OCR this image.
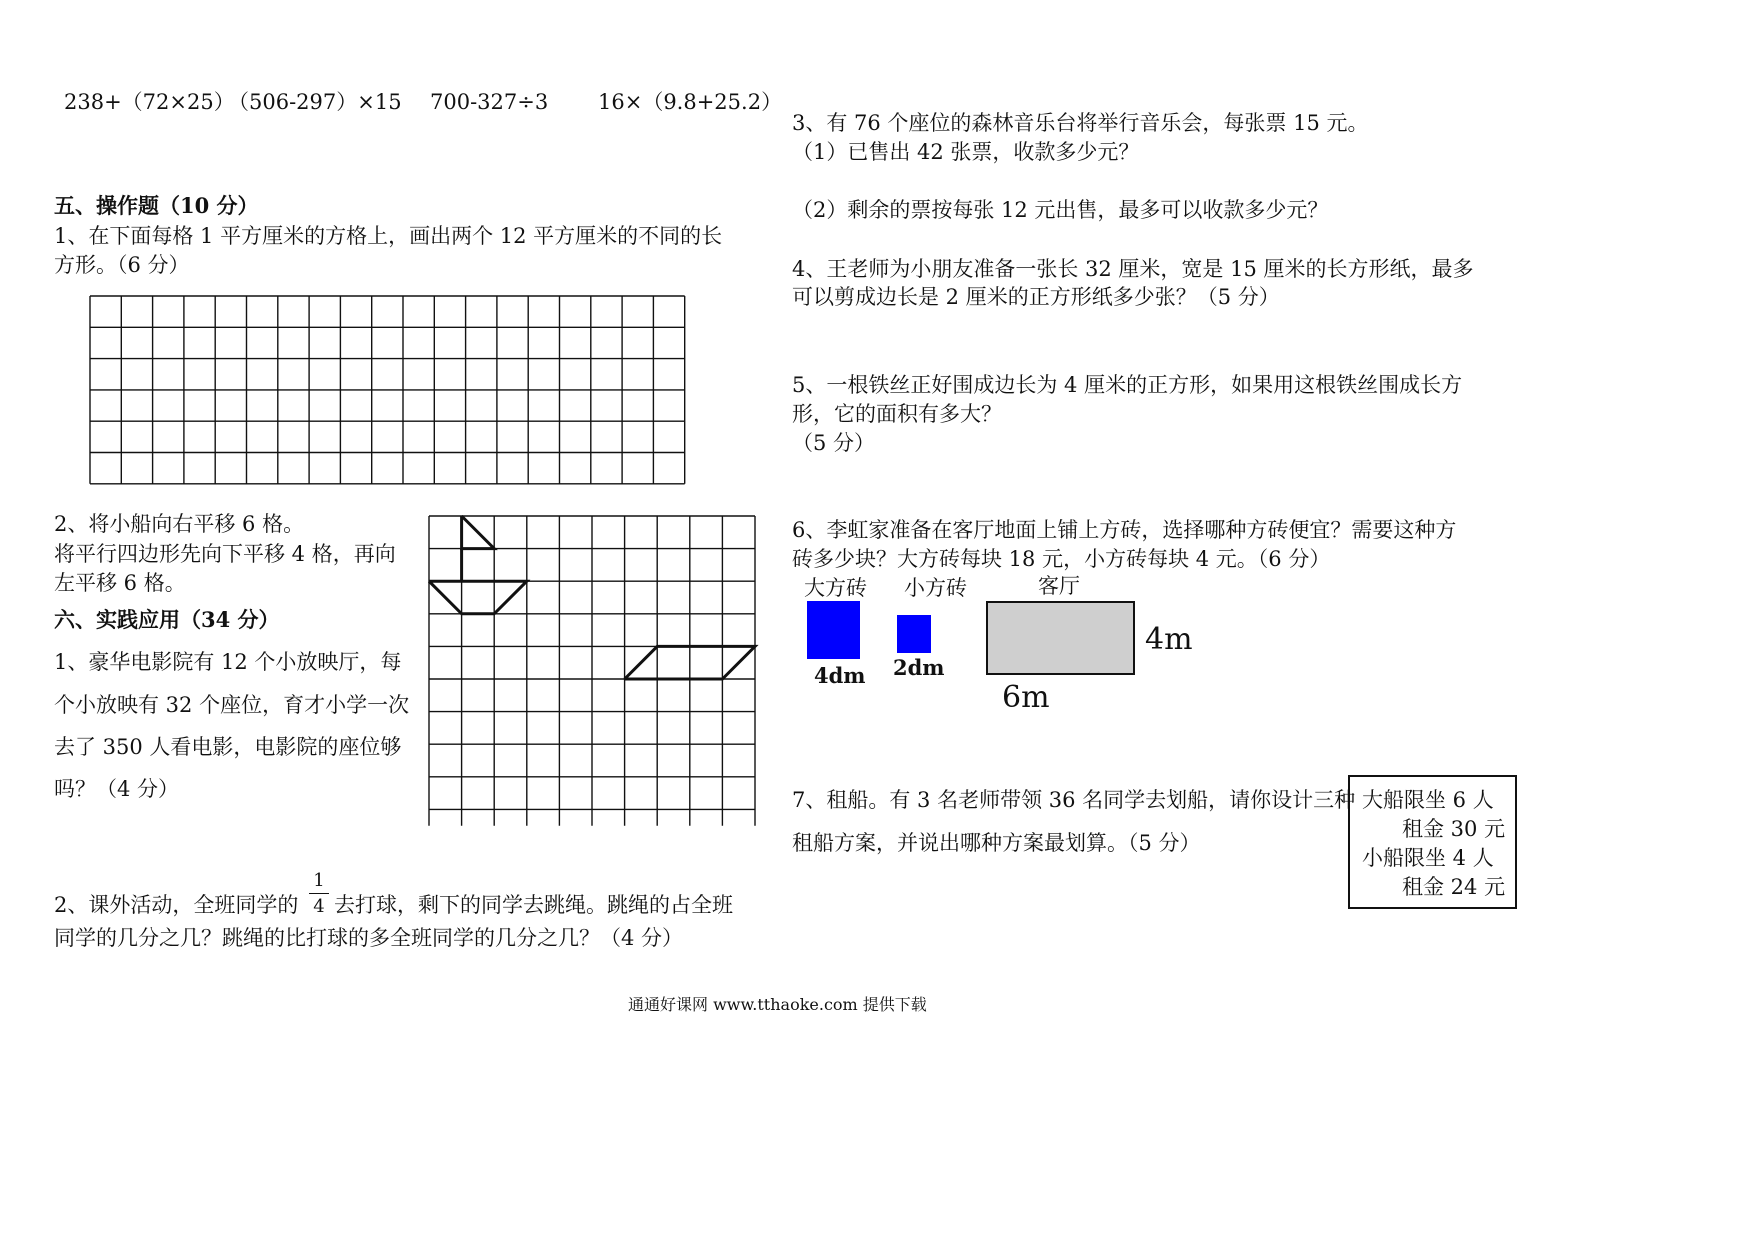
238+（72×25）
（506-297）×15 700-327÷3 16×（9.8+25.2）
五、操作题（10 分）
1、在下面每格 1 平方厘米的方格上，画出两个 12 平方厘米的不同的长
方形。（6 分）
2、将小船向右平移 6 格。
将平行四边形先向下平移 4 格，再向
左平移 6 格。
六、实践应用（34 分）
1、豪华电影院有 12 个小放映厅，每
个小放映有 32 个座位，育才小学一次
去了 350 人看电影，电影院的座位够
吗？（4 分）
2、课外活动，全班同学的
1
4 去打球，剩下的同学去跳绳。跳绳的占全班
同学的几分之几？跳绳的比打球的多全班同学的几分之几？（4 分）
3、有 76 个座位的森林音乐台将举行音乐会，每张票 15 元。
（1）已售出 42 张票，收款多少元？
（2）剩余的票按每张 12 元出售，最多可以收款多少元？
4、王老师为小朋友准备一张长 32 厘米，宽是 15 厘米的长方形纸，最多
可以剪成边长是 2 厘米的正方形纸多少张？（5 分）
5、一根铁丝正好围成边长为 4 厘米的正方形，如果用这根铁丝围成长方
形，它的面积有多大？
（5 分）
6、李虹家准备在客厅地面上铺上方砖，选择哪种方砖便宜？需要这种方
砖多少块？大方砖每块 18 元，小方砖每块 4 元。（6 分）
大方砖 小方砖	客厅
4dm 2dm
4m
6m
7、租船。有 3 名老师带领 36 名同学去划船，请你设计三种
租船方案，并说出哪种方案最划算。（5 分）
大船限坐 6 人
租金 30 元
小船限坐 4 人
租金 24 元
通通好课网 www.tthaoke.com 提供下载
